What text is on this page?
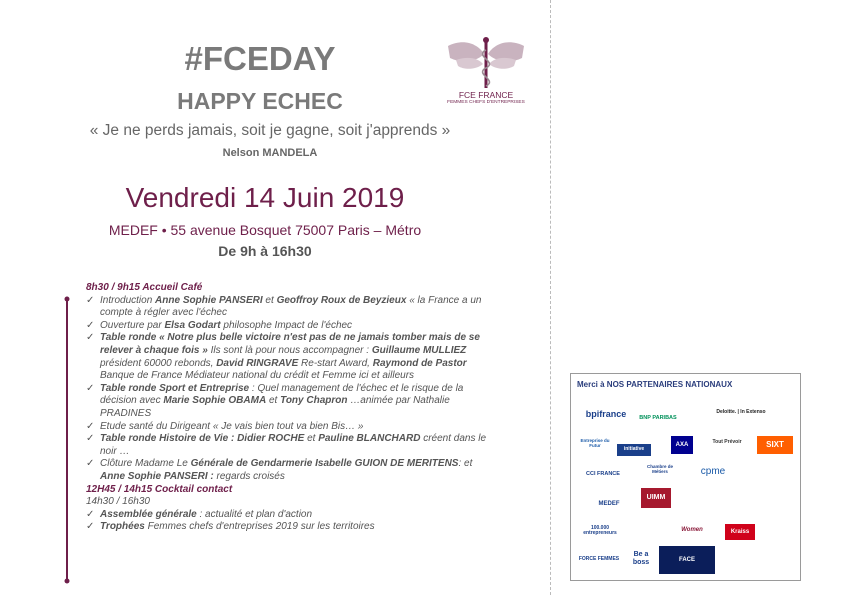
#FCEDAY
HAPPY ECHEC
« Je ne perds jamais, soit je gagne, soit j'apprends »
Nelson MANDELA
Vendredi 14 Juin 2019
MEDEF • 55 avenue Bosquet 75007 Paris – Métro
De 9h à 16h30
FCE FRANCE
FEMMES CHEFS D'ENTREPRISES
8h30 / 9h15 Accueil Café
✓ Introduction Anne Sophie PANSERI et Geoffroy Roux de Beyzieux « la France a un compte à régler avec l'échec
✓ Ouverture par Elsa Godart philosophe Impact de l'échec
✓ Table ronde « Notre plus belle victoire n'est pas de ne jamais tomber mais de se relever à chaque fois » Ils sont là pour nous accompagner : Guillaume MULLIEZ président 60000 rebonds, David RINGRAVE Re-start Award, Raymond de Pastor Banque de France Médiateur national du crédit et Femme ici et ailleurs
✓ Table ronde Sport et Entreprise : Quel management de l'échec et le risque de la décision avec Marie Sophie OBAMA et Tony Chapron …animée par Nathalie PRADINES
✓ Etude santé du Dirigeant « Je vais bien tout va bien Bis… »
✓ Table ronde Histoire de Vie : Didier ROCHE et Pauline BLANCHARD créent dans le noir …
✓ Clôture Madame Le Générale de Gendarmerie Isabelle GUION DE MERITENS: et Anne Sophie PANSERI : regards croisés
12H45 / 14h15 Cocktail contact
14h30 / 16h30
✓ Assemblée générale : actualité et plan d'action
✓ Trophées Femmes chefs d'entreprises 2019 sur les territoires
Merci à NOS PARTENAIRES NATIONAUX
bpifrance	BNP PARIBAS
Deloitte. | In Extenso
Entreprise du Futur
initiative
AXA	Tout Prévoir	SIXT
CCI FRANCE
Chambre de Métiers	cpme
UIMM
MEDEF
100.000 entrepreneurs
Women	Kraiss
FORCE FEMMES
Be a boss	FACE
